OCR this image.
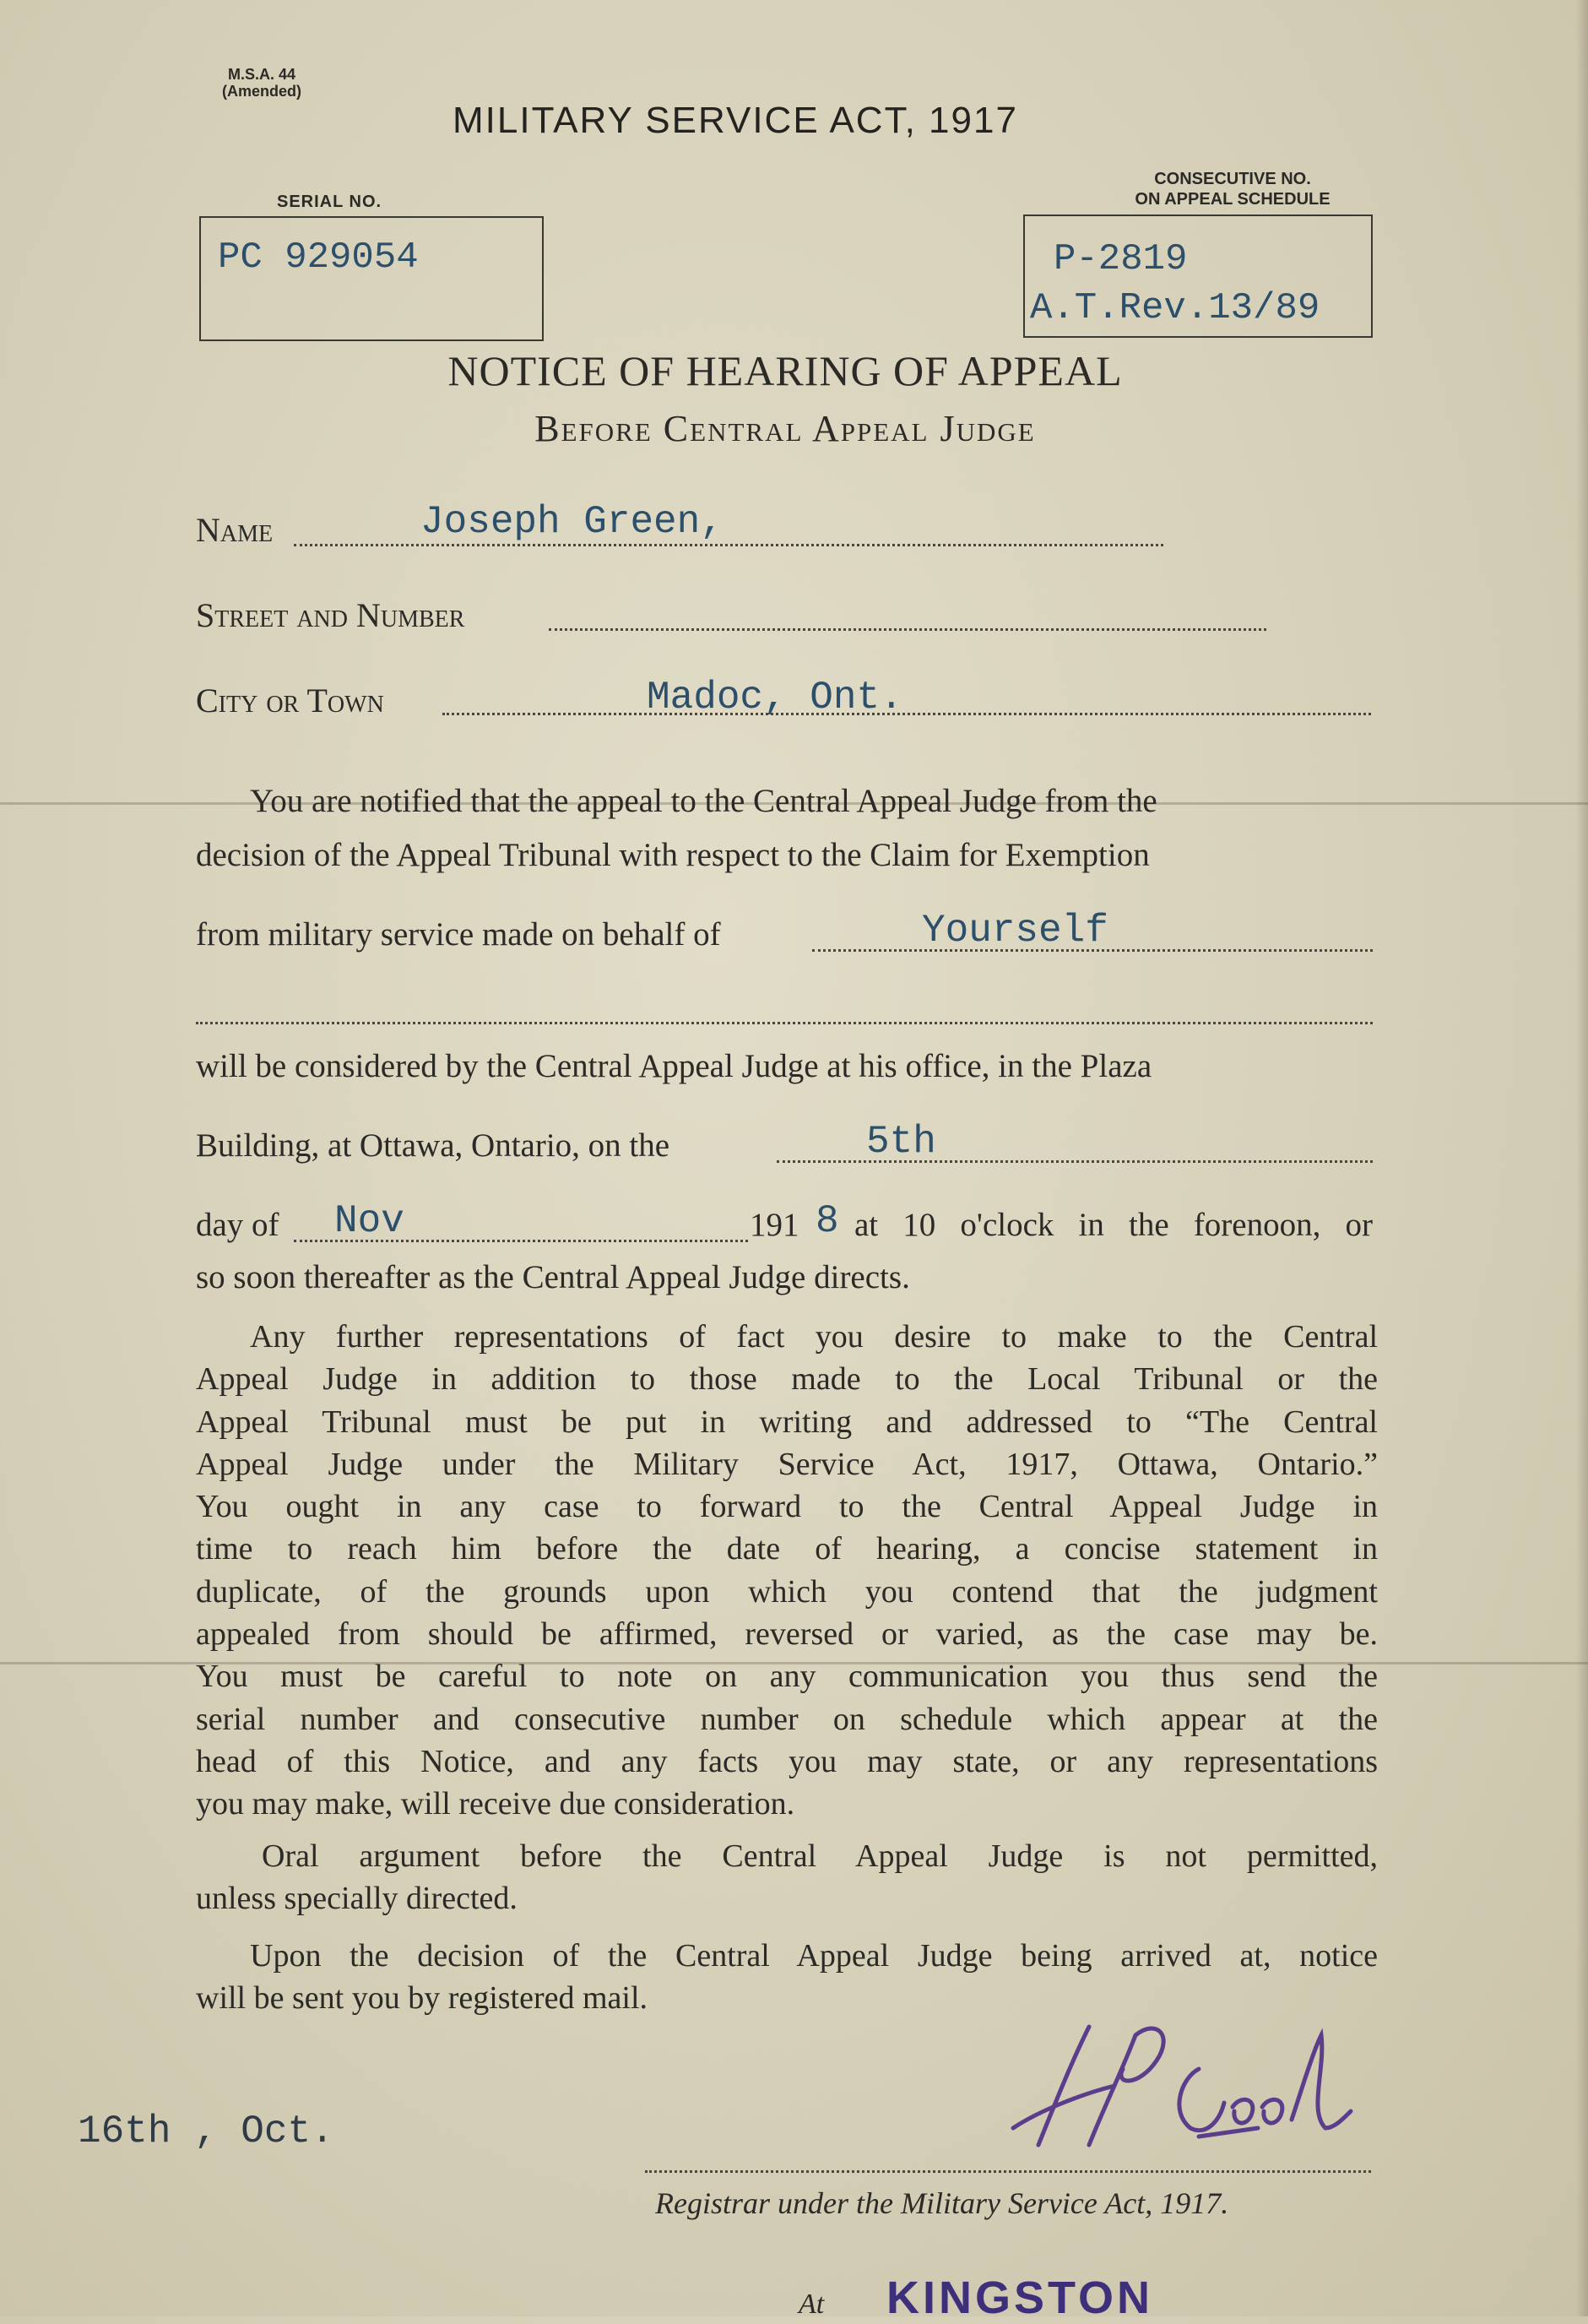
M.S.A. 44
(Amended)
MILITARY SERVICE ACT, 1917
SERIAL NO.
PC 929054
CONSECUTIVE NO.
ON APPEAL SCHEDULE
P-2819
A.T.Rev.13/89
NOTICE OF HEARING OF APPEAL
Before Central Appeal Judge
Name	Joseph Green,
Street and Number
City or Town	Madoc, Ont.
You are notified that the appeal to the Central Appeal Judge from the
decision of the Appeal Tribunal with respect to the Claim for Exemption
from military service made on behalf of	Yourself
will be considered by the Central Appeal Judge at his office, in the Plaza
Building, at Ottawa, Ontario, on the	5th
day of Nov	191 8 at 10 o'clock in the forenoon, or
so soon thereafter as the Central Appeal Judge directs.
Any further representations of fact you desire to make to the Central
Appeal Judge in addition to those made to the Local Tribunal or the
Appeal Tribunal must be put in writing and addressed to “The Central
Appeal Judge under the Military Service Act, 1917, Ottawa, Ontario.”
You ought in any case to forward to the Central Appeal Judge in
time to reach him before the date of hearing, a concise statement in
duplicate, of the grounds upon which you contend that the judgment
appealed from should be affirmed, reversed or varied, as the case may be.
You must be careful to note on any communication you thus send the
serial number and consecutive number on schedule which appear at the
head of this Notice, and any facts you may state, or any representations
you may make, will receive due consideration.
Oral argument before the Central Appeal Judge is not permitted,
unless specially directed.
Upon the decision of the Central Appeal Judge being arrived at, notice
will be sent you by registered mail.
16th , Oct.
Registrar under the Military Service Act, 1917.
At KINGSTON
